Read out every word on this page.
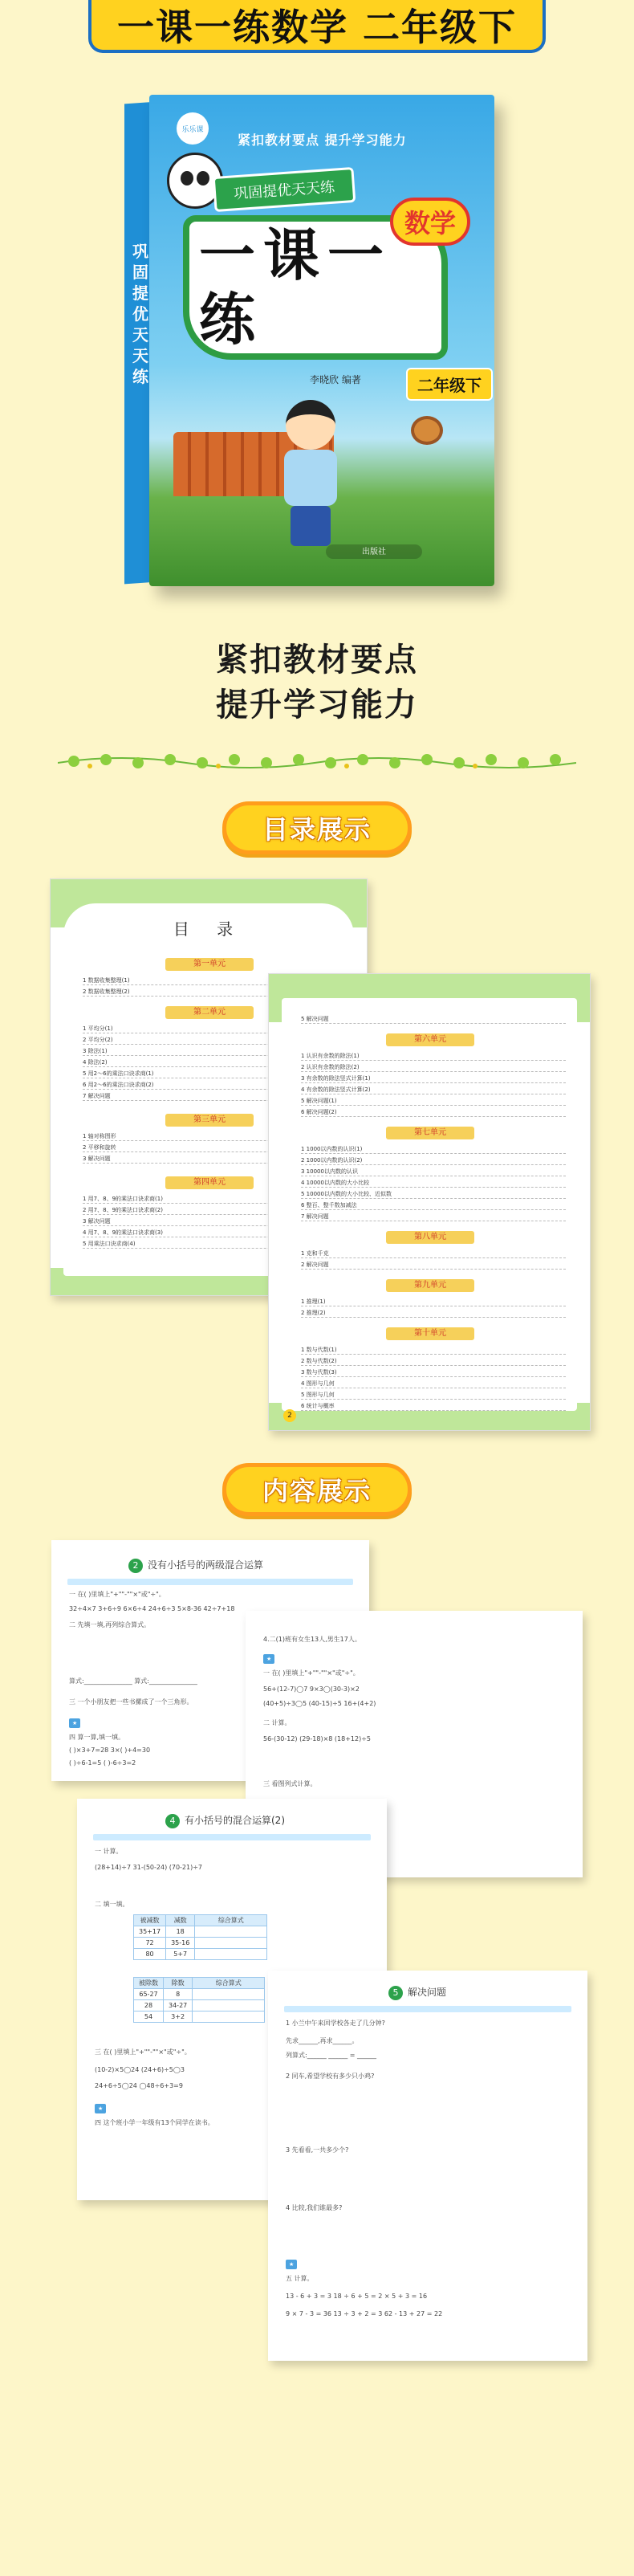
一课一练数学 二年级下
巩固提优天天练
乐乐课
紧扣教材要点 提升学习能力
巩固提优天天练
一课一练
数学
李晓欣 编著	二年级下
出版社
紧扣教材要点
提升学习能力
目录展示
目 录
第一单元
1 数据收集整理(1)
2 数据收集整理(2)
第二单元
1 平均分(1)
2 平均分(2)
3 除法(1)
4 除法(2)
5 用2～6的乘法口诀求商(1)
6 用2～6的乘法口诀求商(2)
7 解决问题
第三单元
1 轴对称图形
2 平移和旋转
3 解决问题
第四单元
1 用7、8、9的乘法口诀求商(1)
2 用7、8、9的乘法口诀求商(2)
3 解决问题
4 用7、8、9的乘法口诀求商(3)
5 用乘法口诀求商(4)
5 解决问题
第六单元
1 认识有余数的除法(1)
2 认识有余数的除法(2)
3 有余数的除法竖式计算(1)
4 有余数的除法竖式计算(2)
5 解决问题(1)
6 解决问题(2)
第七单元
1 1000以内数的认识(1)
2 1000以内数的认识(2)
3 10000以内数的认识
4 10000以内数的大小比较
5 10000以内数的大小比较、近似数
6 整百、整千数加减法
7 解决问题
第八单元
1 克和千克
2 解决问题
第九单元
1 推理(1)
2 推理(2)
第十单元
1 数与代数(1)
2 数与代数(2)
3 数与代数(3)
4 图形与几何
5 图形与几何
6 统计与概率
2
内容展示
2 没有小括号的两级混合运算
一 在( )里填上"+""-""×"或"÷"。
32÷4×7 3+6÷9 6×6÷4 24+6÷3 5×8-36 42÷7+18
二 先填一填,再列综合算式。
算式:_______________ 算式:_______________
三 一个小朋友把一些书摞成了一个三角形。
★
四 算一算,填一填。
( )×3+7=28 3×( )+4=30
( )÷6-1=5 ( )-6÷3=2
4.二(1)班有女生13人,男生17人。
★
一 在( )里填上"+""-""×"或"÷"。
56+(12-7)◯7 9×3◯(30-3)×2
(40+5)÷3◯5 (40-15)÷5 16+(4+2)
二 计算。
56-(30-12) (29-18)×8 (18+12)÷5
三 看图列式计算。
4 有小括号的混合运算(2)
一 计算。
(28+14)÷7 31-(50-24) (70-21)÷7
二 填一填。
被减数	减数	综合算式
35+17	18	
72	35-16	
80	5+7	
被除数	除数	综合算式
65-27	8	
28	34-27	
54	3+2	
三 在( )里填上"+""-""×"或"÷"。
(10-2)×5◯24 (24+6)÷5◯3
24+6÷5◯24 ◯48÷6+3=9
★
四 这个班小学一年级有13个同学在读书。
5 解决问题
1 小兰中午来回学校各走了几分钟?
先求______,再求______。
列算式:______ ______ = ______
2 同车,希望学校有多少只小鸡?
3 先看看,一共多少个?
4 比较,我们谁最多?
★
五 计算。
13 - 6 + 3 = 3 18 ÷ 6 + 5 = 2 × 5 + 3 = 16
9 × 7 - 3 = 36 13 ÷ 3 + 2 = 3 62 - 13 + 27 = 22
